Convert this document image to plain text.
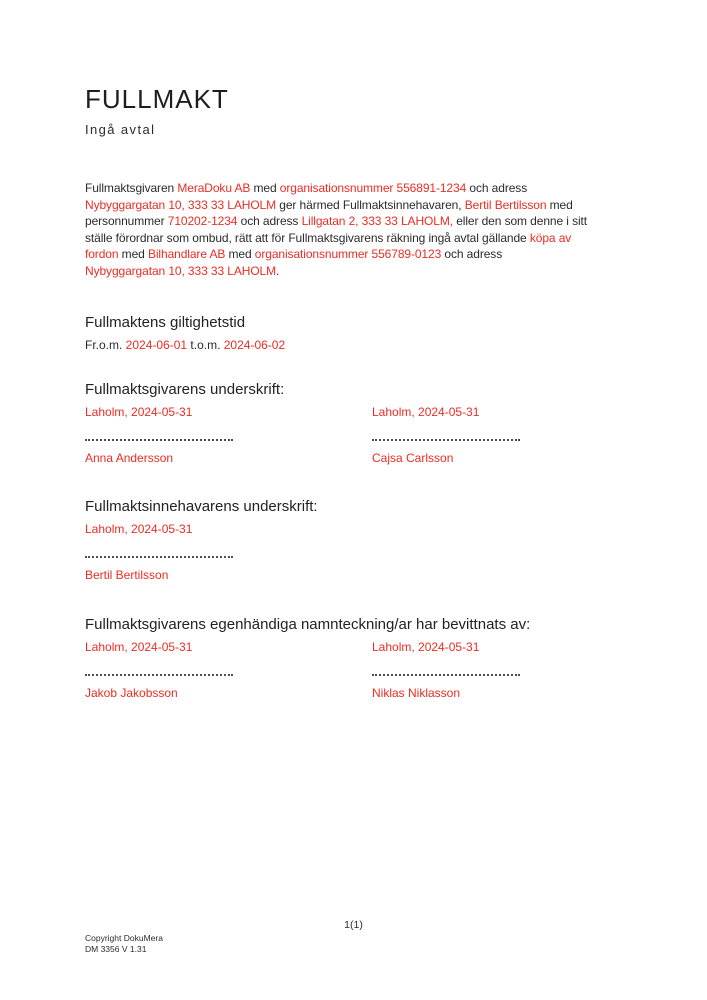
FULLMAKT
Ingå avtal

Fullmaktsgivaren MeraDoku AB med organisationsnummer 556891-1234 och adress
Nybyggargatan 10, 333 33 LAHOLM ger härmed Fullmaktsinnehavaren, Bertil Bertilsson med
personnummer 710202-1234 och adress Lillgatan 2, 333 33 LAHOLM, eller den som denne i sitt
ställe förordnar som ombud, rätt att för Fullmaktsgivarens räkning ingå avtal gällande köpa av
fordon med Bilhandlare AB med organisationsnummer 556789-0123 och adress
Nybyggargatan 10, 333 33 LAHOLM.

Fullmaktens giltighetstid
Fr.o.m. 2024-06-01 t.o.m. 2024-06-02
Fullmaktsgivarens underskrift:
Laholm, 2024-05-31
Anna Andersson
Laholm, 2024-05-31
Cajsa Carlsson
Fullmaktsinnehavarens underskrift:
Laholm, 2024-05-31
Bertil Bertilsson
Fullmaktsgivarens egenhändiga namnteckning/ar har bevittnats av:
Laholm, 2024-05-31
Jakob Jakobsson
Laholm, 2024-05-31
Niklas Niklasson
1(1)
Copyright DokuMera
DM 3356 V 1.31
